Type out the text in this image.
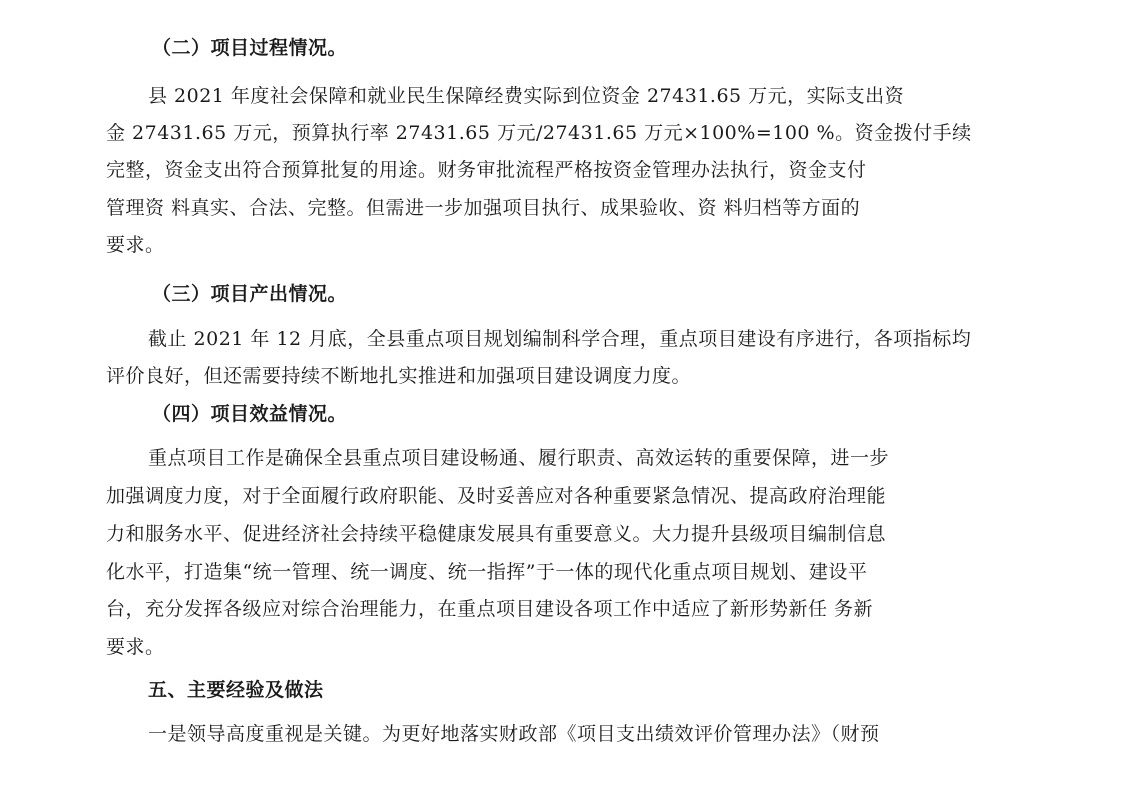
（二）项目过程情况。
县 2021 年度社会保障和就业民生保障经费实际到位资金 27431.65 万元，实际支出资
金 27431.65 万元，预算执行率 27431.65 万元/27431.65 万元×100%=100 %。资金拨付手续
完整，资金支出符合预算批复的用途。财务审批流程严格按资金管理办法执行，资金支付
管理资 料真实、合法、完整。但需进一步加强项目执行、成果验收、资 料归档等方面的
要求。
（三）项目产出情况。
截止 2021 年 12 月底，全县重点项目规划编制科学合理，重点项目建设有序进行，各项指标均
评价良好，但还需要持续不断地扎实推进和加强项目建设调度力度。
（四）项目效益情况。
重点项目工作是确保全县重点项目建设畅通、履行职责、高效运转的重要保障，进一步
加强调度力度，对于全面履行政府职能、及时妥善应对各种重要紧急情况、提高政府治理能
力和服务水平、促进经济社会持续平稳健康发展具有重要意义。大力提升县级项目编制信息
化水平，打造集“统一管理、统一调度、统一指挥”于一体的现代化重点项目规划、建设平
台，充分发挥各级应对综合治理能力，在重点项目建设各项工作中适应了新形势新任 务新
要求。
五、主要经验及做法
一是领导高度重视是关键。为更好地落实财政部《项目支出绩效评价管理办法》（财预
